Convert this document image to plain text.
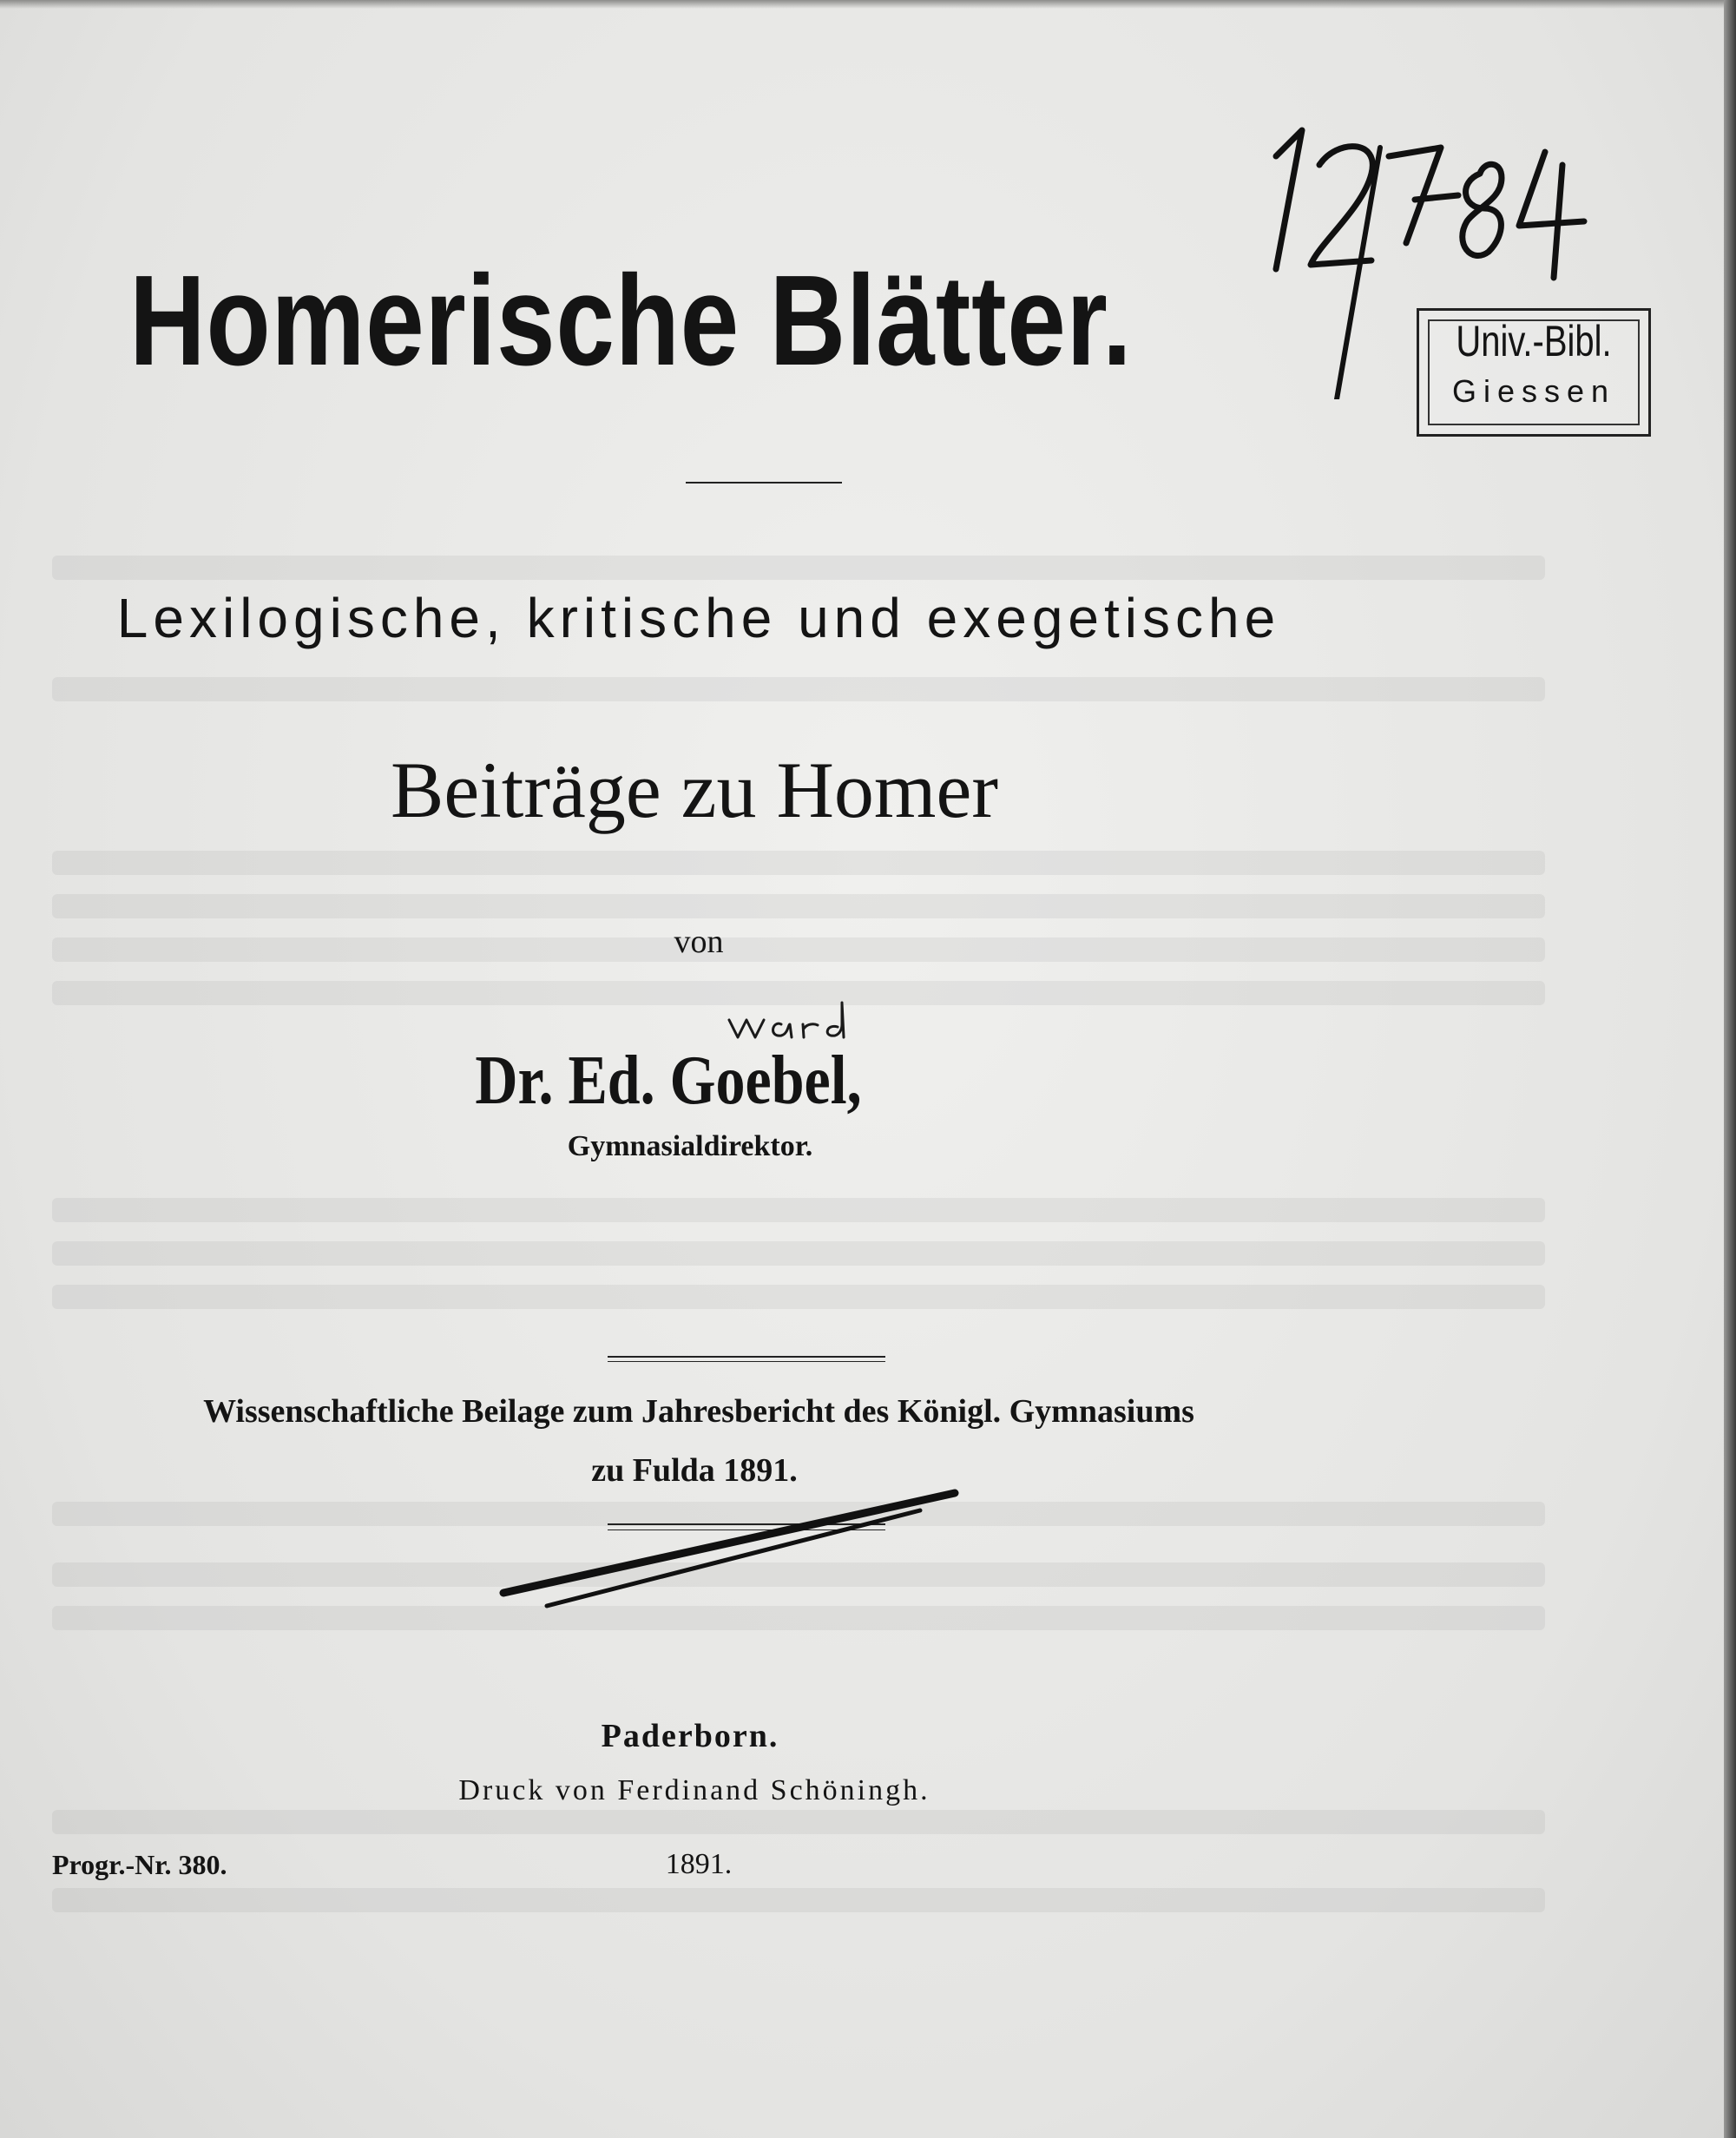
Homerische Blätter.
Lexilogische, kritische und exegetische
Beiträge zu Homer
von
Dr. Ed. Goebel,
Gymnasialdirektor.
Wissenschaftliche Beilage zum Jahresbericht des Königl. Gymnasiums
zu Fulda 1891.
Paderborn.
Druck von Ferdinand Schöningh.
1891.
Progr.-Nr. 380.
Univ.-Bibl.
Giessen
